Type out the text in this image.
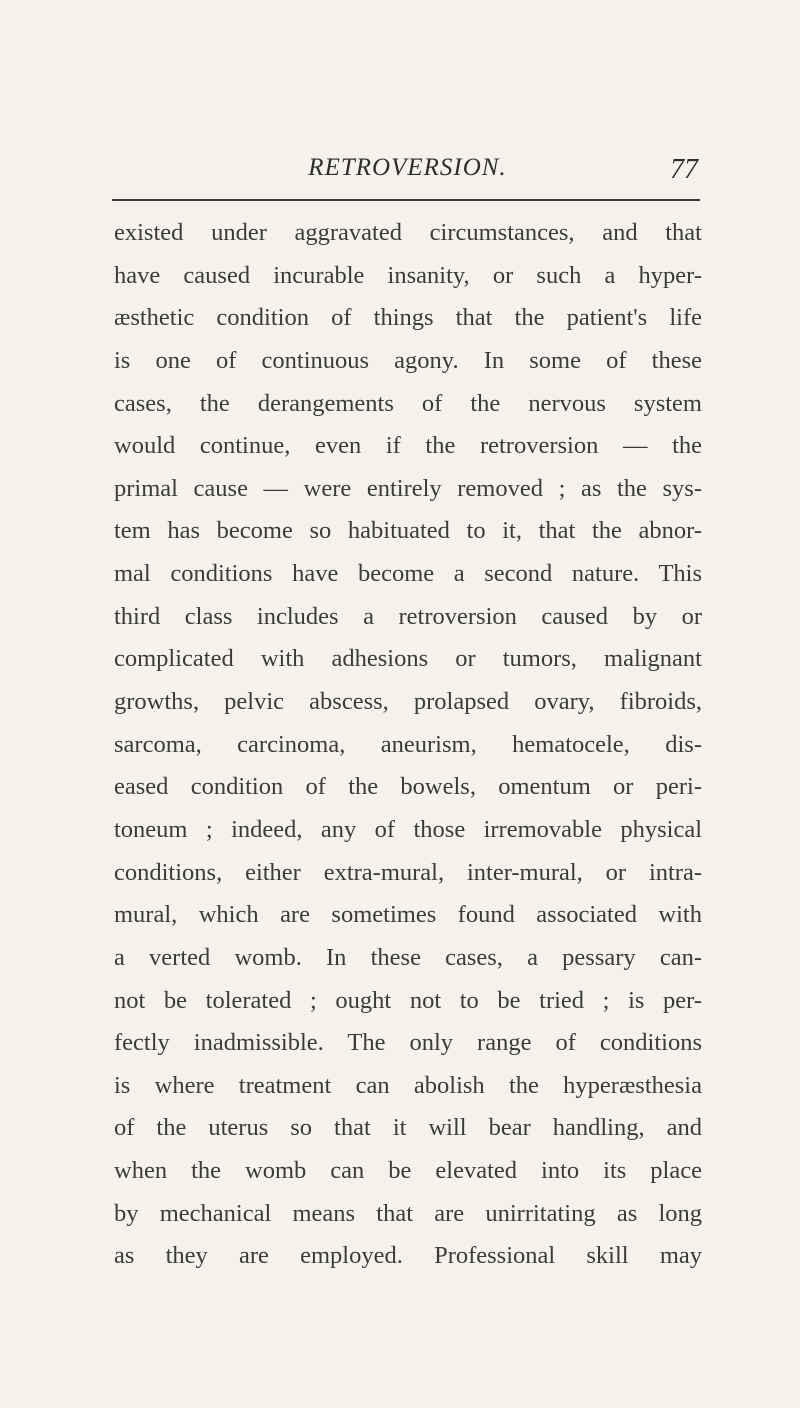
RETROVERSION.	77
existed under aggravated circumstances, and that
have caused incurable insanity, or such a hyper-
æsthetic condition of things that the patient's life
is one of continuous agony. In some of these
cases, the derangements of the nervous system
would continue, even if the retroversion — the
primal cause — were entirely removed ; as the sys-
tem has become so habituated to it, that the abnor-
mal conditions have become a second nature. This
third class includes a retroversion caused by or
complicated with adhesions or tumors, malignant
growths, pelvic abscess, prolapsed ovary, fibroids,
sarcoma, carcinoma, aneurism, hematocele, dis-
eased condition of the bowels, omentum or peri-
toneum ; indeed, any of those irremovable physical
conditions, either extra-mural, inter-mural, or intra-
mural, which are sometimes found associated with
a verted womb. In these cases, a pessary can-
not be tolerated ; ought not to be tried ; is per-
fectly inadmissible. The only range of conditions
is where treatment can abolish the hyperæsthesia
of the uterus so that it will bear handling, and
when the womb can be elevated into its place
by mechanical means that are unirritating as long
as they are employed. Professional skill may
